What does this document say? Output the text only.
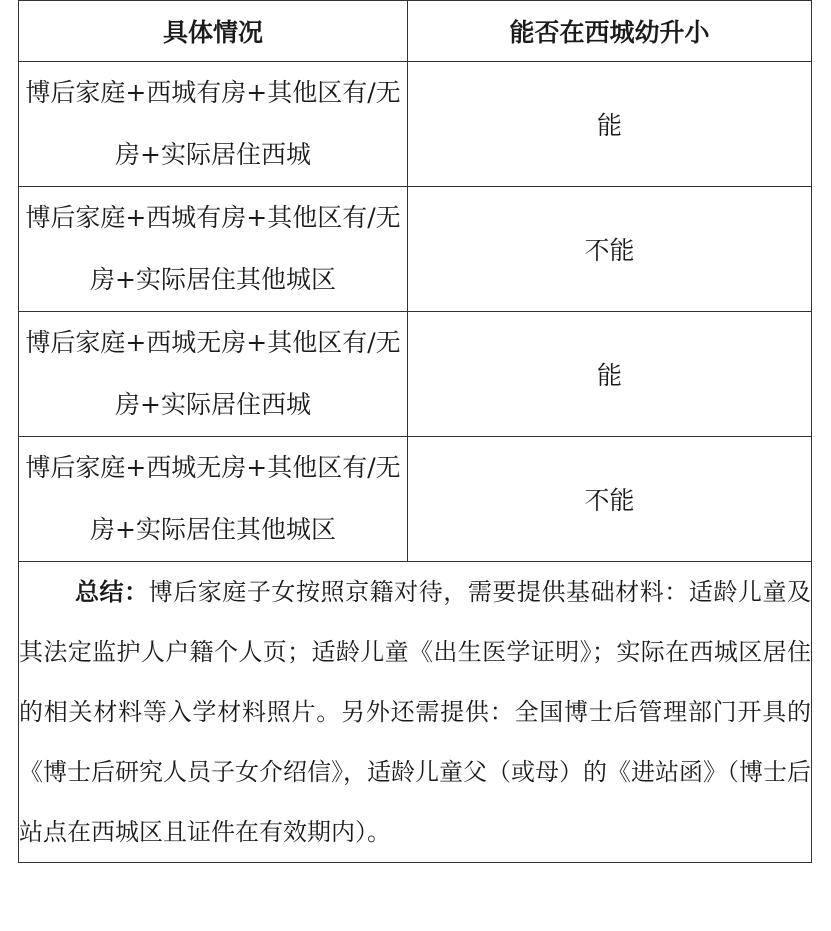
具体情况	能否在西城幼升小
博后家庭+西城有房+其他区有/无房+实际居住西城	能
博后家庭+西城有房+其他区有/无房+实际居住其他城区	不能
博后家庭+西城无房+其他区有/无房+实际居住西城	能
博后家庭+西城无房+其他区有/无房+实际居住其他城区	不能
总结：博后家庭子女按照京籍对待，需要提供基础材料：适龄儿童及其法定监护人户籍个人页；适龄儿童《出生医学证明》；实际在西城区居住的相关材料等入学材料照片。另外还需提供：全国博士后管理部门开具的《博士后研究人员子女介绍信》，适龄儿童父（或母）的《进站函》（博士后站点在西城区且证件在有效期内）。	
